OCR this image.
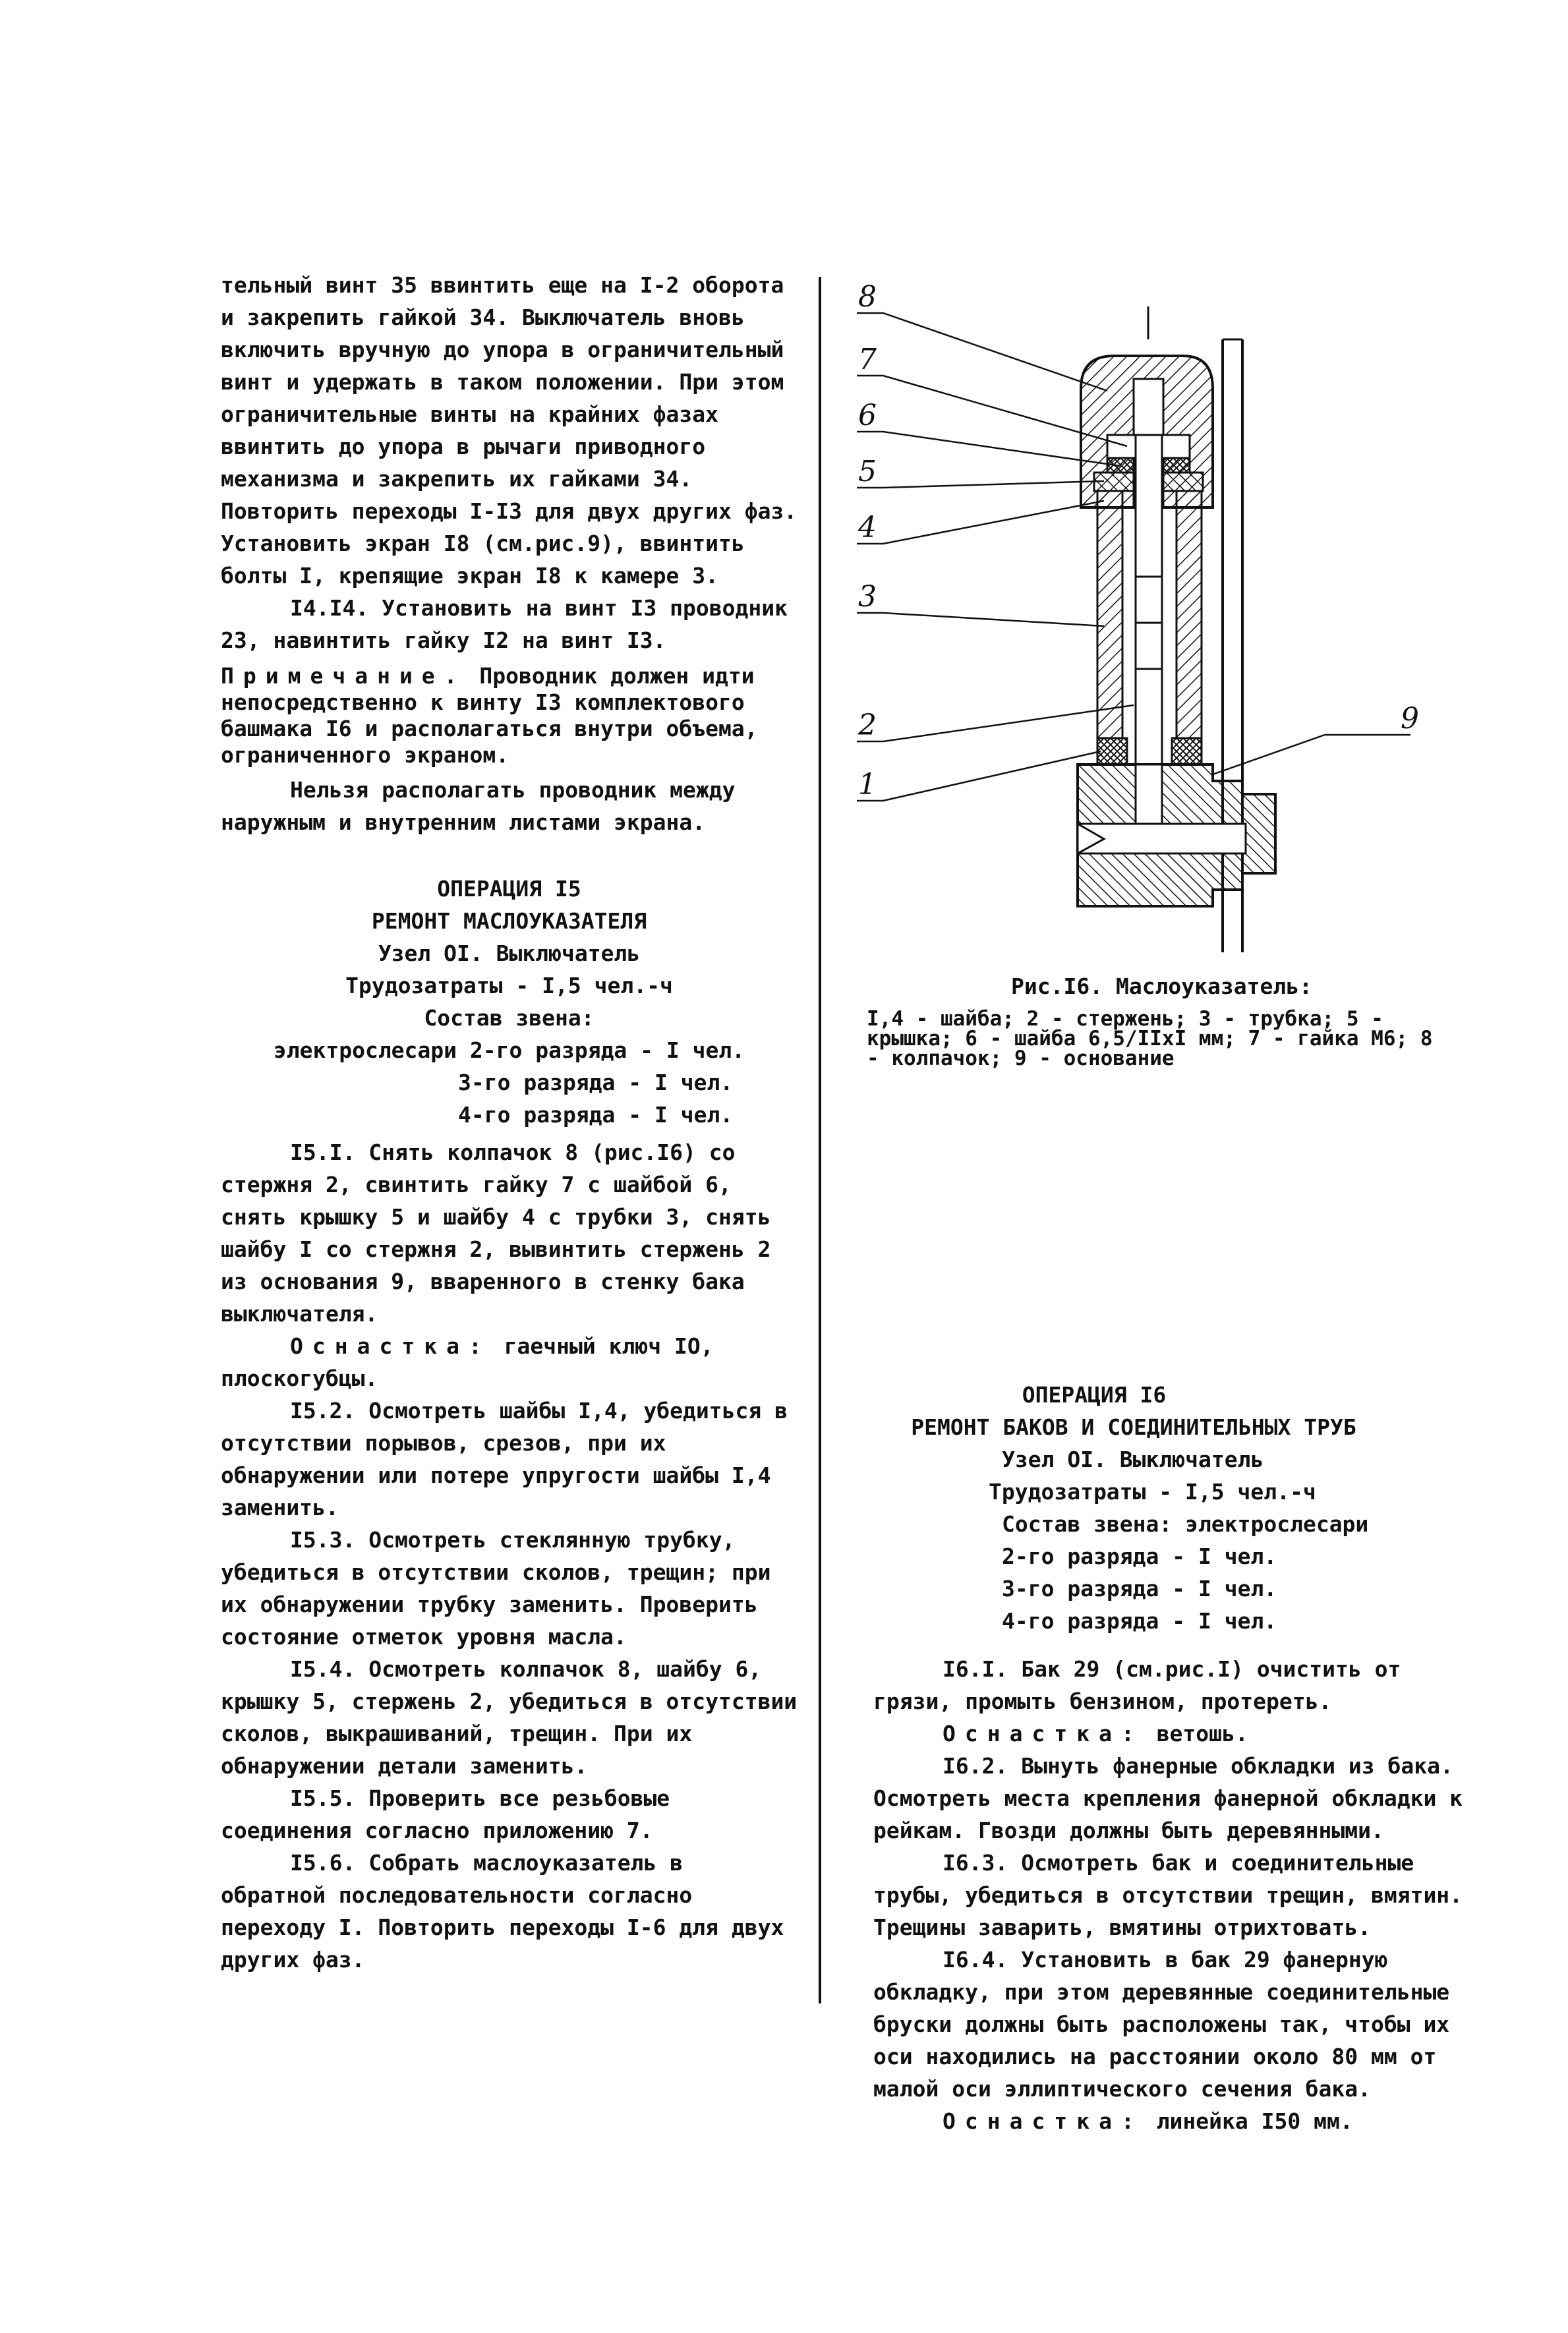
тельный винт 35 ввинтить еще на I-2 оборота и закрепить гайкой 34. Выключатель вновь включить вручную до упора в ограничительный винт и удержать в таком положении. При этом ограничительные винты на крайних фазах ввинтить до упора в рычаги приводного механизма и закрепить их гайками 34. Повторить переходы I-I3 для двух других фаз. Установить экран I8 (см.рис.9), ввинтить болты I, крепящие экран I8 к камере 3.

I4.I4. Установить на винт I3 проводник 23, навинтить гайку I2 на винт I3.

Примечание. Проводник должен идти непосредственно к винту I3 комплектового башмака I6 и располагаться внутри объема, ограниченного экраном.

Нельзя располагать проводник между наружным и внутренним листами экрана.

ОПЕРАЦИЯ I5

РЕМОНТ МАСЛОУКАЗАТЕЛЯ

Узел OI. Выключатель

Трудозатраты - I,5 чел.-ч

Состав звена:

электрослесари 2-го разряда - I чел.

3-го разряда - I чел.

4-го разряда - I чел.

I5.I. Снять колпачок 8 (рис.I6) со стержня 2, свинтить гайку 7 с шайбой 6, снять крышку 5 и шайбу 4 с трубки 3, снять шайбу I со стержня 2, вывинтить стержень 2 из основания 9, вваренного в стенку бака выключателя.

Оснастка: гаечный ключ IO, плоскогубцы.

I5.2. Осмотреть шайбы I,4, убедиться в отсутствии порывов, срезов, при их обнаружении или потере упругости шайбы I,4 заменить.

I5.3. Осмотреть стеклянную трубку, убедиться в отсутствии сколов, трещин; при их обнаружении трубку заменить. Проверить состояние отметок уровня масла.

I5.4. Осмотреть колпачок 8, шайбу 6, крышку 5, стержень 2, убедиться в отсутствии сколов, выкрашиваний, трещин. При их обнаружении детали заменить.

I5.5. Проверить все резьбовые соединения согласно приложению 7.

I5.6. Собрать маслоуказатель в обратной последовательности согласно переходу I. Повторить переходы I-6 для двух других фаз.

8
7
6
5
4
3
2
1
9

Рис.I6. Маслоуказатель:

I,4 - шайба; 2 - стержень; 3 - трубка; 5 - крышка; 6 - шайба 6,5/IIxI мм; 7 - гайка М6; 8 - колпачок; 9 - основание

ОПЕРАЦИЯ I6

РЕМОНТ БАКОВ И СОЕДИНИТЕЛЬНЫХ ТРУБ

Узел OI. Выключатель

Трудозатраты - I,5 чел.-ч

Состав звена: электрослесари

2-го разряда - I чел.

3-го разряда - I чел.

4-го разряда - I чел.

I6.I. Бак 29 (см.рис.I) очистить от грязи, промыть бензином, протереть.

Оснастка: ветошь.

I6.2. Вынуть фанерные обкладки из бака. Осмотреть места крепления фанерной обкладки к рейкам. Гвозди должны быть деревянными.

I6.3. Осмотреть бак и соединительные трубы, убедиться в отсутствии трещин, вмятин. Трещины заварить, вмятины отрихтовать.

I6.4. Установить в бак 29 фанерную обкладку, при этом деревянные соединительные бруски должны быть расположены так, чтобы их оси находились на расстоянии около 80 мм от малой оси эллиптического сечения бака.

Оснастка: линейка I50 мм.
